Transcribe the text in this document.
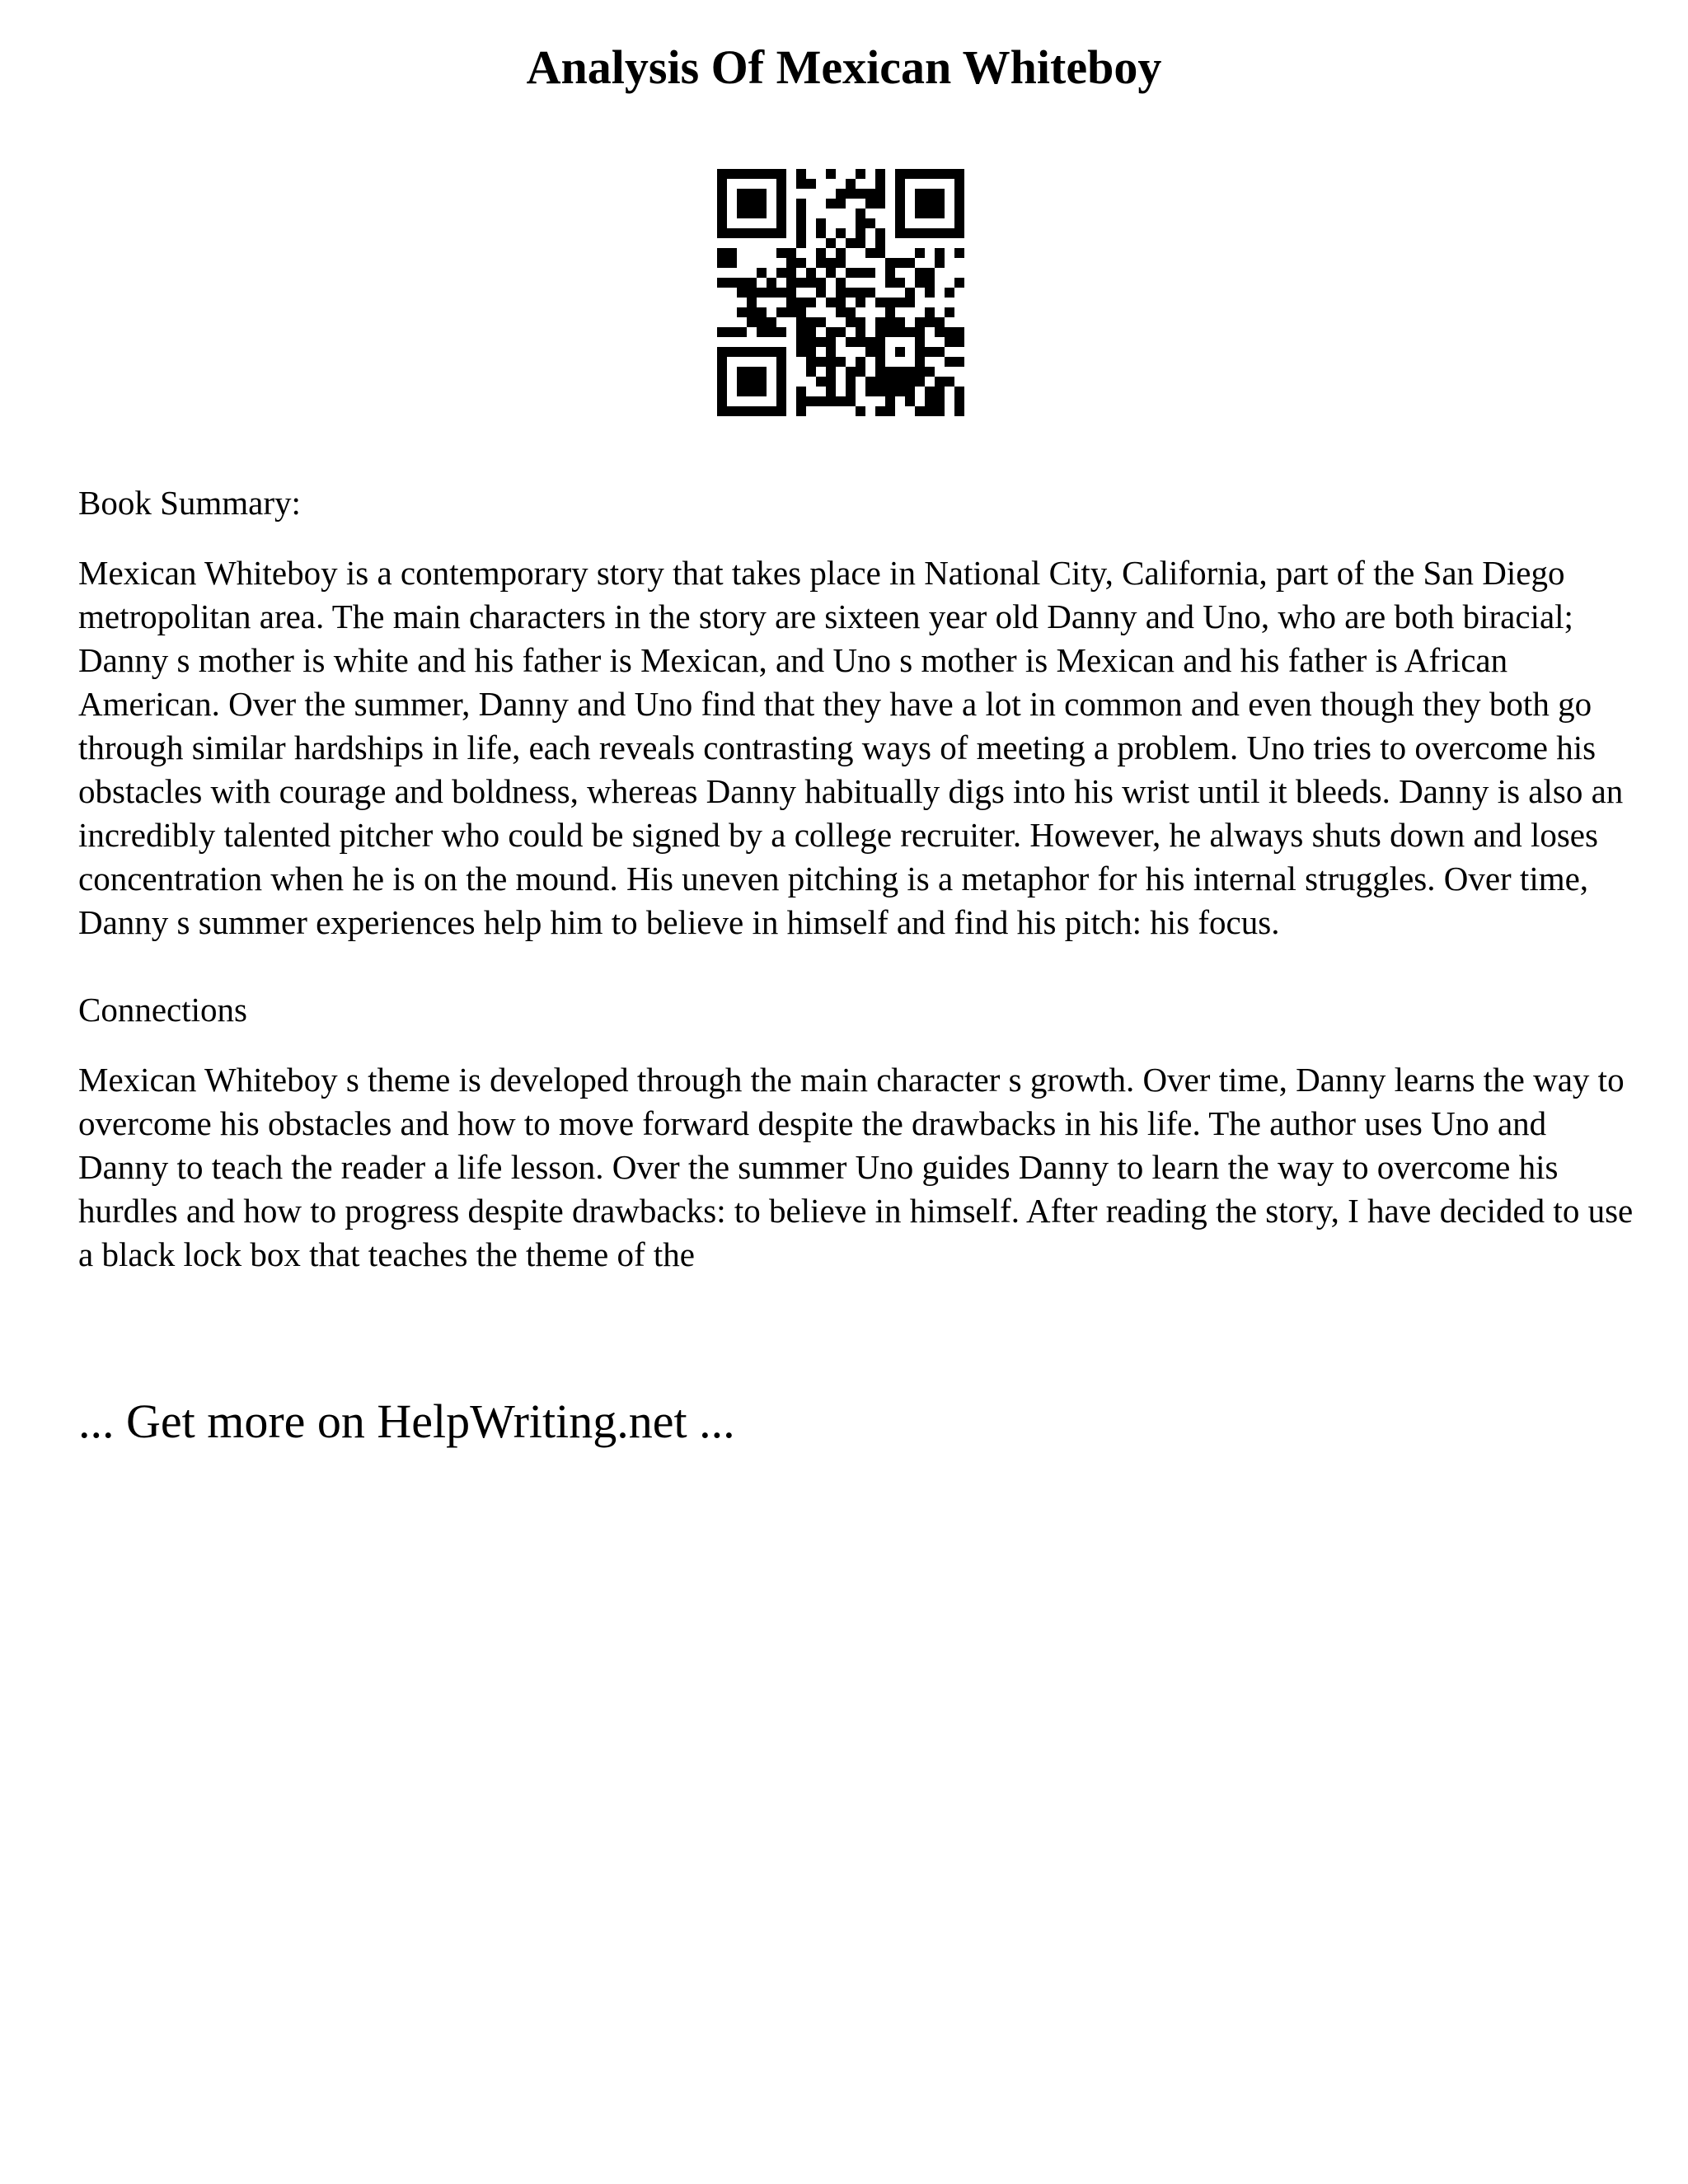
Analysis Of Mexican Whiteboy

Book Summary:

Mexican Whiteboy is a contemporary story that takes place in National City, California, part of the San Diego metropolitan area. The main characters in the story are sixteen year old Danny and Uno, who are both biracial; Danny s mother is white and his father is Mexican, and Uno s mother is Mexican and his father is African American. Over the summer, Danny and Uno find that they have a lot in common and even though they both go through similar hardships in life, each reveals contrasting ways of meeting a problem. Uno tries to overcome his obstacles with courage and boldness, whereas Danny habitually digs into his wrist until it bleeds. Danny is also an incredibly talented pitcher who could be signed by a college recruiter. However, he always shuts down and loses concentration when he is on the mound. His uneven pitching is a metaphor for his internal struggles. Over time, Danny s summer experiences help him to believe in himself and find his pitch: his focus.

Connections

Mexican Whiteboy s theme is developed through the main character s growth. Over time, Danny learns the way to overcome his obstacles and how to move forward despite the drawbacks in his life. The author uses Uno and Danny to teach the reader a life lesson. Over the summer Uno guides Danny to learn the way to overcome his hurdles and how to progress despite drawbacks: to believe in himself. After reading the story, I have decided to use a black lock box that teaches the theme of the

... Get more on HelpWriting.net ...
